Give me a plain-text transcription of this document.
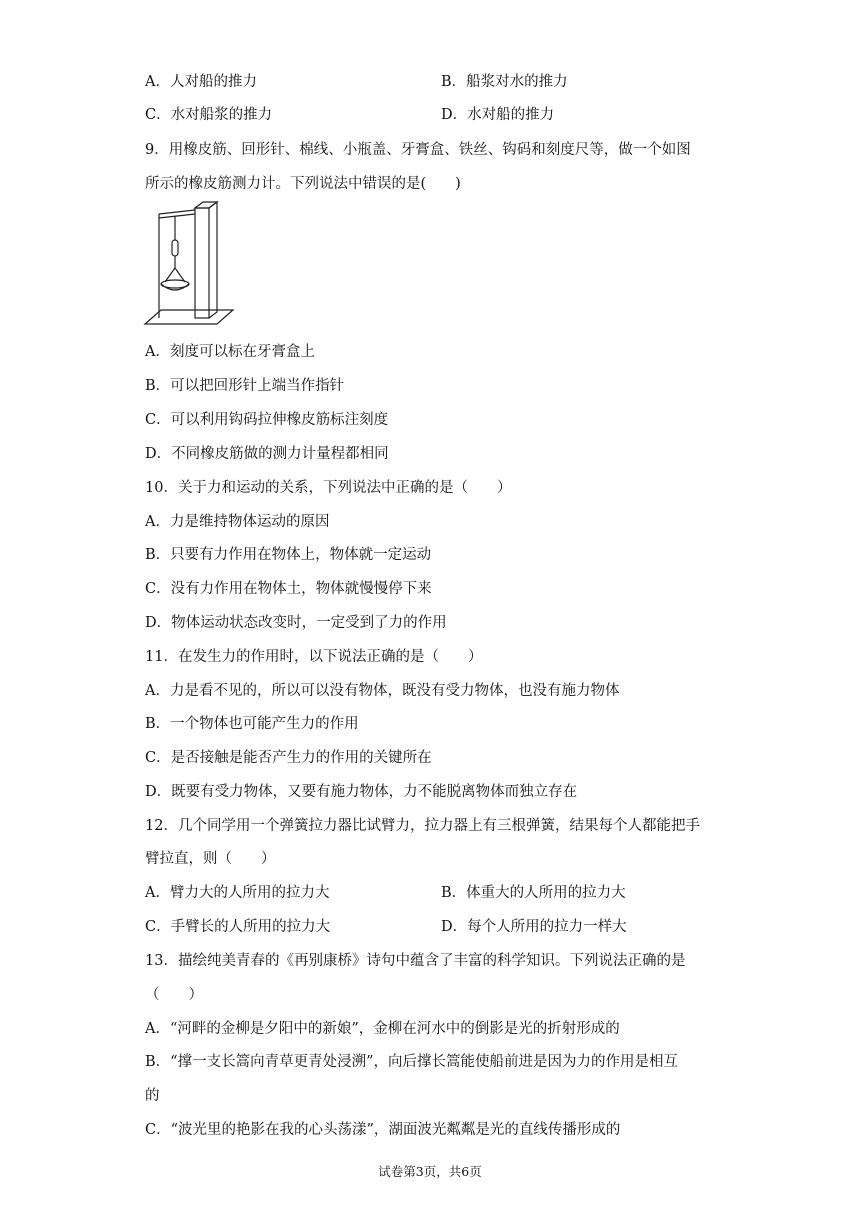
A．人对船的推力	B．船浆对水的推力
C．水对船浆的推力	D．水对船的推力
9．用橡皮筋、回形针、棉线、小瓶盖、牙膏盒、铁丝、钩码和刻度尺等，做一个如图
所示的橡皮筋测力计。下列说法中错误的是(　　)
A．刻度可以标在牙膏盒上
B．可以把回形针上端当作指针
C．可以利用钩码拉伸橡皮筋标注刻度
D．不同橡皮筋做的测力计量程都相同
10．关于力和运动的关系，下列说法中正确的是（　　）
A．力是维持物体运动的原因
B．只要有力作用在物体上，物体就一定运动
C．没有力作用在物体土，物体就慢慢停下来
D．物体运动状态改变时，一定受到了力的作用
11．在发生力的作用时，以下说法正确的是（　　）
A．力是看不见的，所以可以没有物体，既没有受力物体，也没有施力物体
B．一个物体也可能产生力的作用
C．是否接触是能否产生力的作用的关键所在
D．既要有受力物体，又要有施力物体，力不能脱离物体而独立存在
12．几个同学用一个弹簧拉力器比试臂力，拉力器上有三根弹簧，结果每个人都能把手
臂拉直，则（　　）
A．臂力大的人所用的拉力大	B．体重大的人所用的拉力大
C．手臂长的人所用的拉力大	D．每个人所用的拉力一样大
13．描绘纯美青春的《再别康桥》诗句中蕴含了丰富的科学知识。下列说法正确的是
（　　）
A．“河畔的金柳是夕阳中的新娘”，金柳在河水中的倒影是光的折射形成的
B．“撑一支长篙向青草更青处浸溯”，向后撑长篙能使船前进是因为力的作用是相互
的
C．“波光里的艳影在我的心头荡漾”，湖面波光粼粼是光的直线传播形成的
试卷第3页，共6页
